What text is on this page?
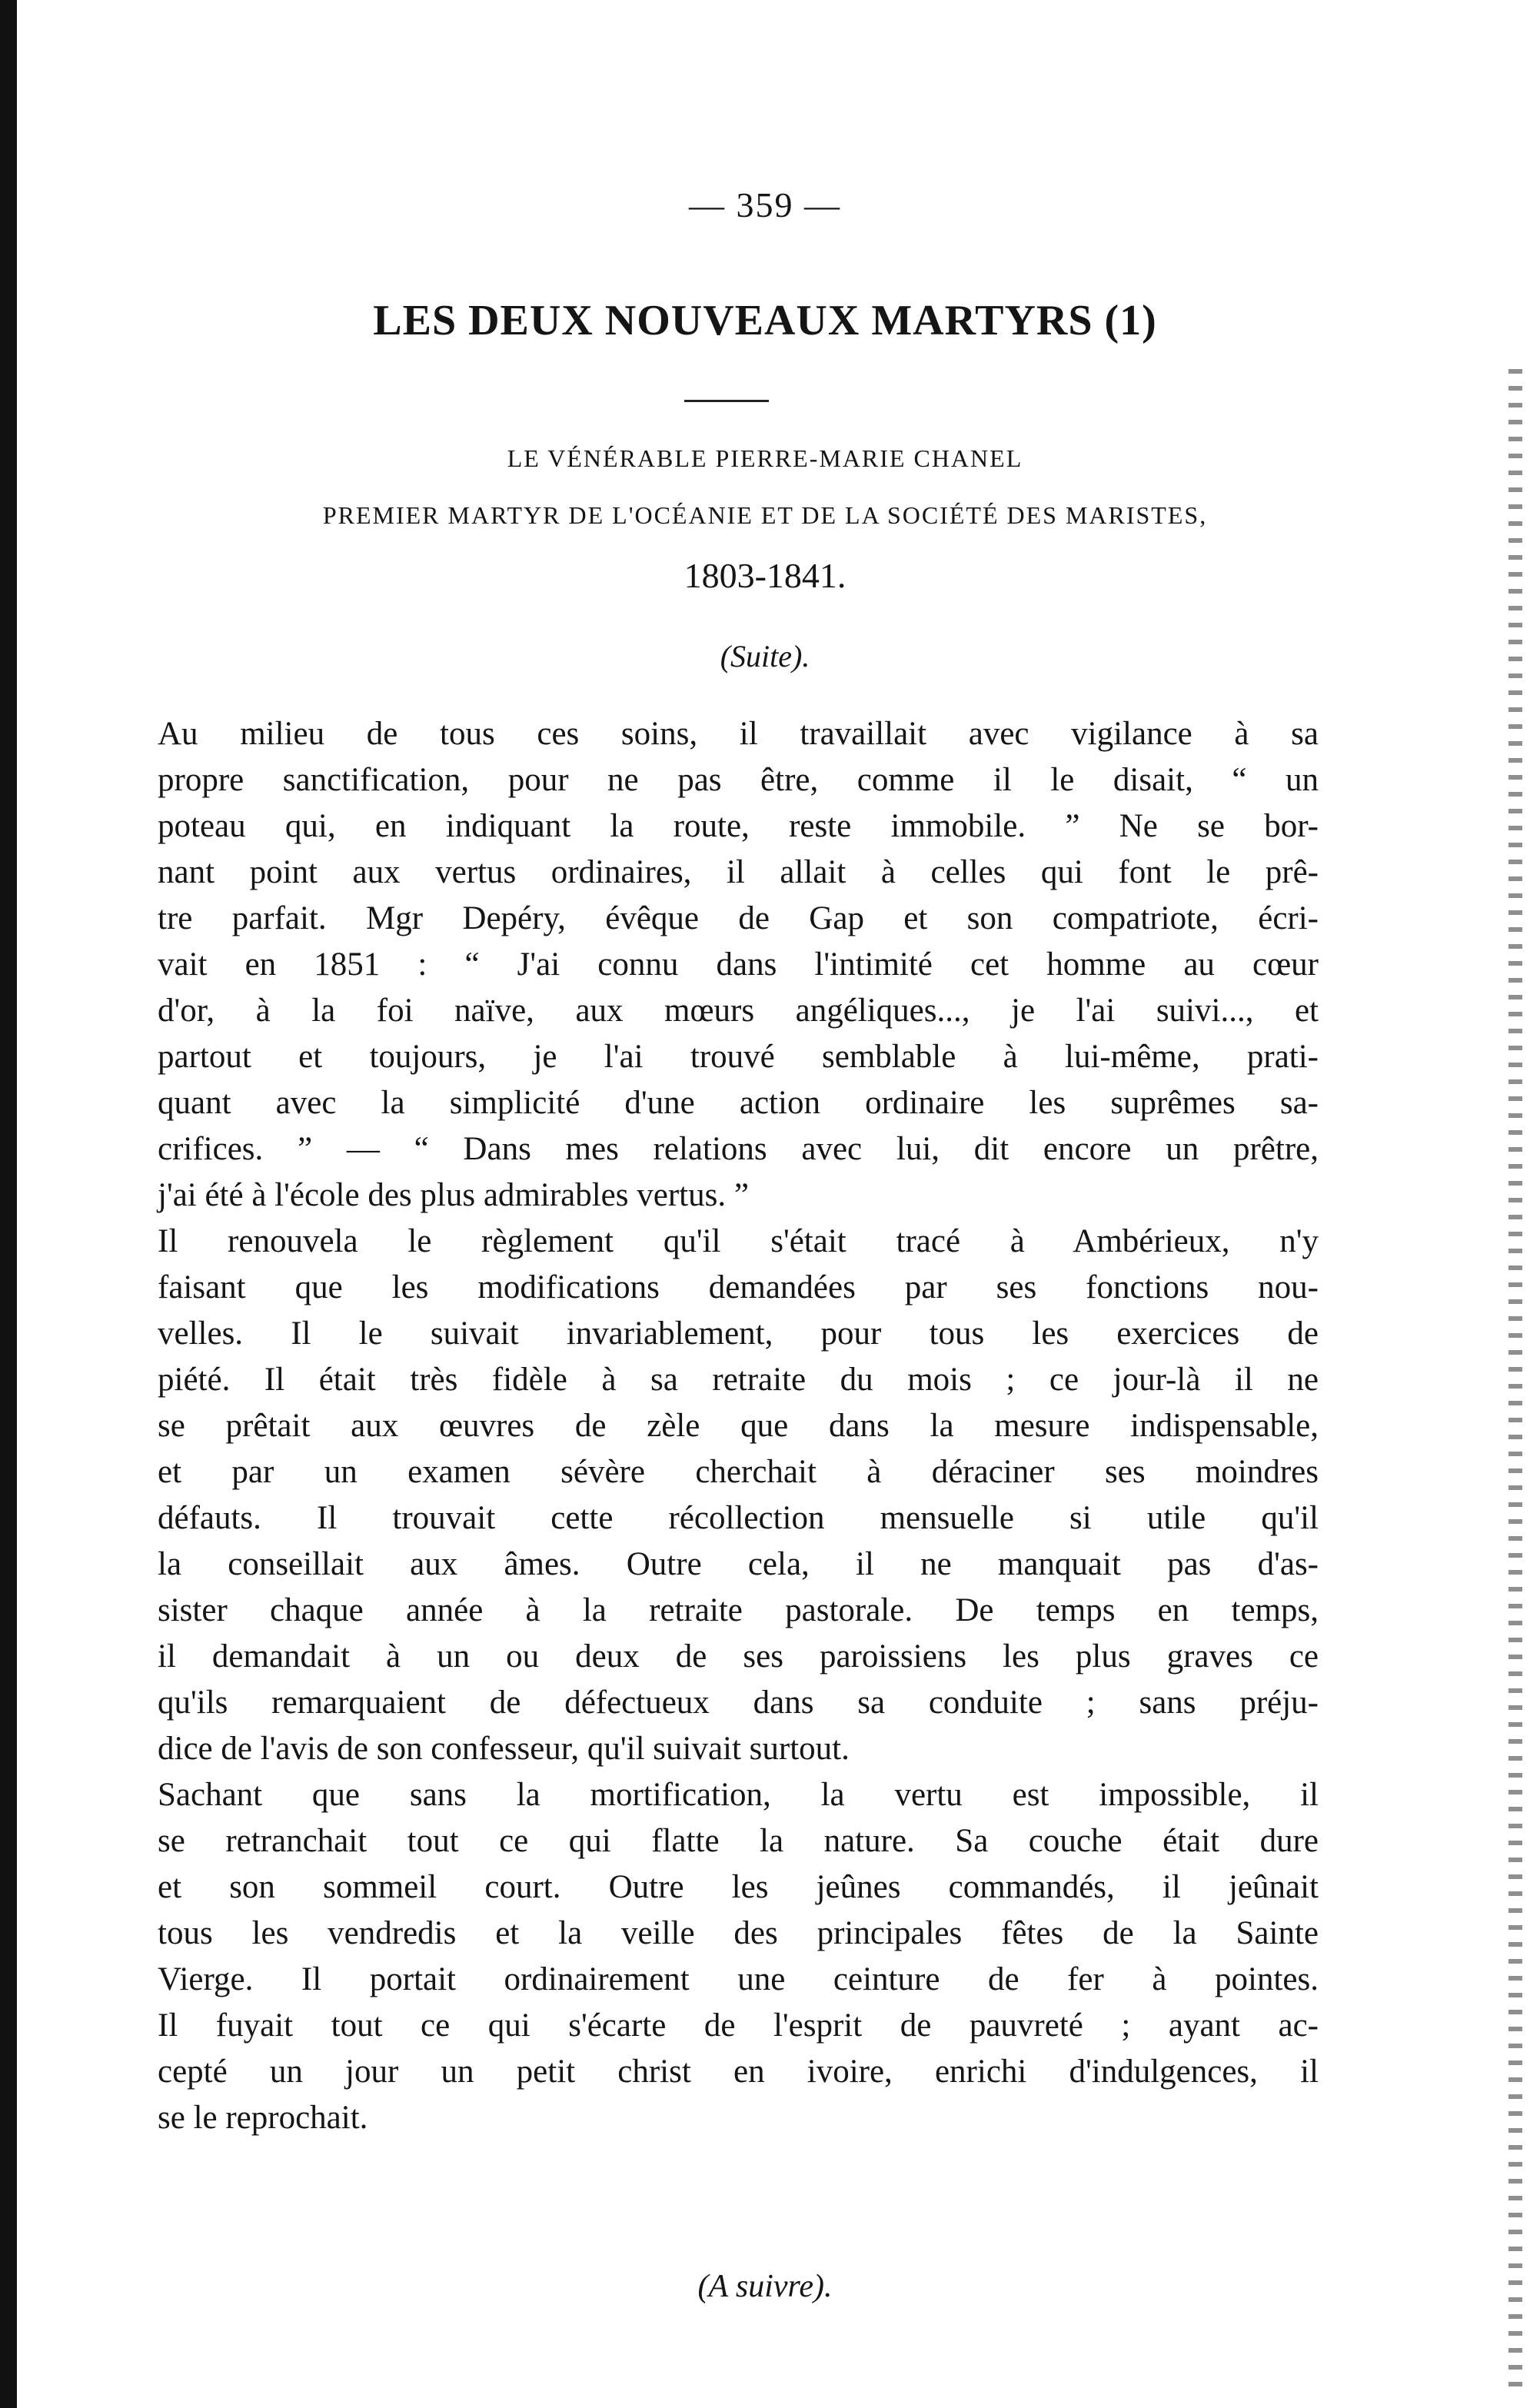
— 359 —
LES DEUX NOUVEAUX MARTYRS (1)
LE VÉNÉRABLE PIERRE-MARIE CHANEL
PREMIER MARTYR DE L'OCÉANIE ET DE LA SOCIÉTÉ DES MARISTES,
1803-1841.
(Suite).
Au milieu de tous ces soins, il travaillait avec vigilance à sa
propre sanctification, pour ne pas être, comme il le disait, “ un
poteau qui, en indiquant la route, reste immobile. ” Ne se bor-
nant point aux vertus ordinaires, il allait à celles qui font le prê-
tre parfait. Mgr Depéry, évêque de Gap et son compatriote, écri-
vait en 1851 : “ J'ai connu dans l'intimité cet homme au cœur
d'or, à la foi naïve, aux mœurs angéliques..., je l'ai suivi..., et
partout et toujours, je l'ai trouvé semblable à lui-même, prati-
quant avec la simplicité d'une action ordinaire les suprêmes sa-
crifices. ” — “ Dans mes relations avec lui, dit encore un prêtre,
j'ai été à l'école des plus admirables vertus. ”
Il renouvela le règlement qu'il s'était tracé à Ambérieux, n'y
faisant que les modifications demandées par ses fonctions nou-
velles. Il le suivait invariablement, pour tous les exercices de
piété. Il était très fidèle à sa retraite du mois ; ce jour-là il ne
se prêtait aux œuvres de zèle que dans la mesure indispensable,
et par un examen sévère cherchait à déraciner ses moindres
défauts. Il trouvait cette récollection mensuelle si utile qu'il
la conseillait aux âmes. Outre cela, il ne manquait pas d'as-
sister chaque année à la retraite pastorale. De temps en temps,
il demandait à un ou deux de ses paroissiens les plus graves ce
qu'ils remarquaient de défectueux dans sa conduite ; sans préju-
dice de l'avis de son confesseur, qu'il suivait surtout.
Sachant que sans la mortification, la vertu est impossible, il
se retranchait tout ce qui flatte la nature. Sa couche était dure
et son sommeil court. Outre les jeûnes commandés, il jeûnait
tous les vendredis et la veille des principales fêtes de la Sainte
Vierge. Il portait ordinairement une ceinture de fer à pointes.
Il fuyait tout ce qui s'écarte de l'esprit de pauvreté ; ayant ac-
cepté un jour un petit christ en ivoire, enrichi d'indulgences, il
se le reprochait.
(A suivre).
